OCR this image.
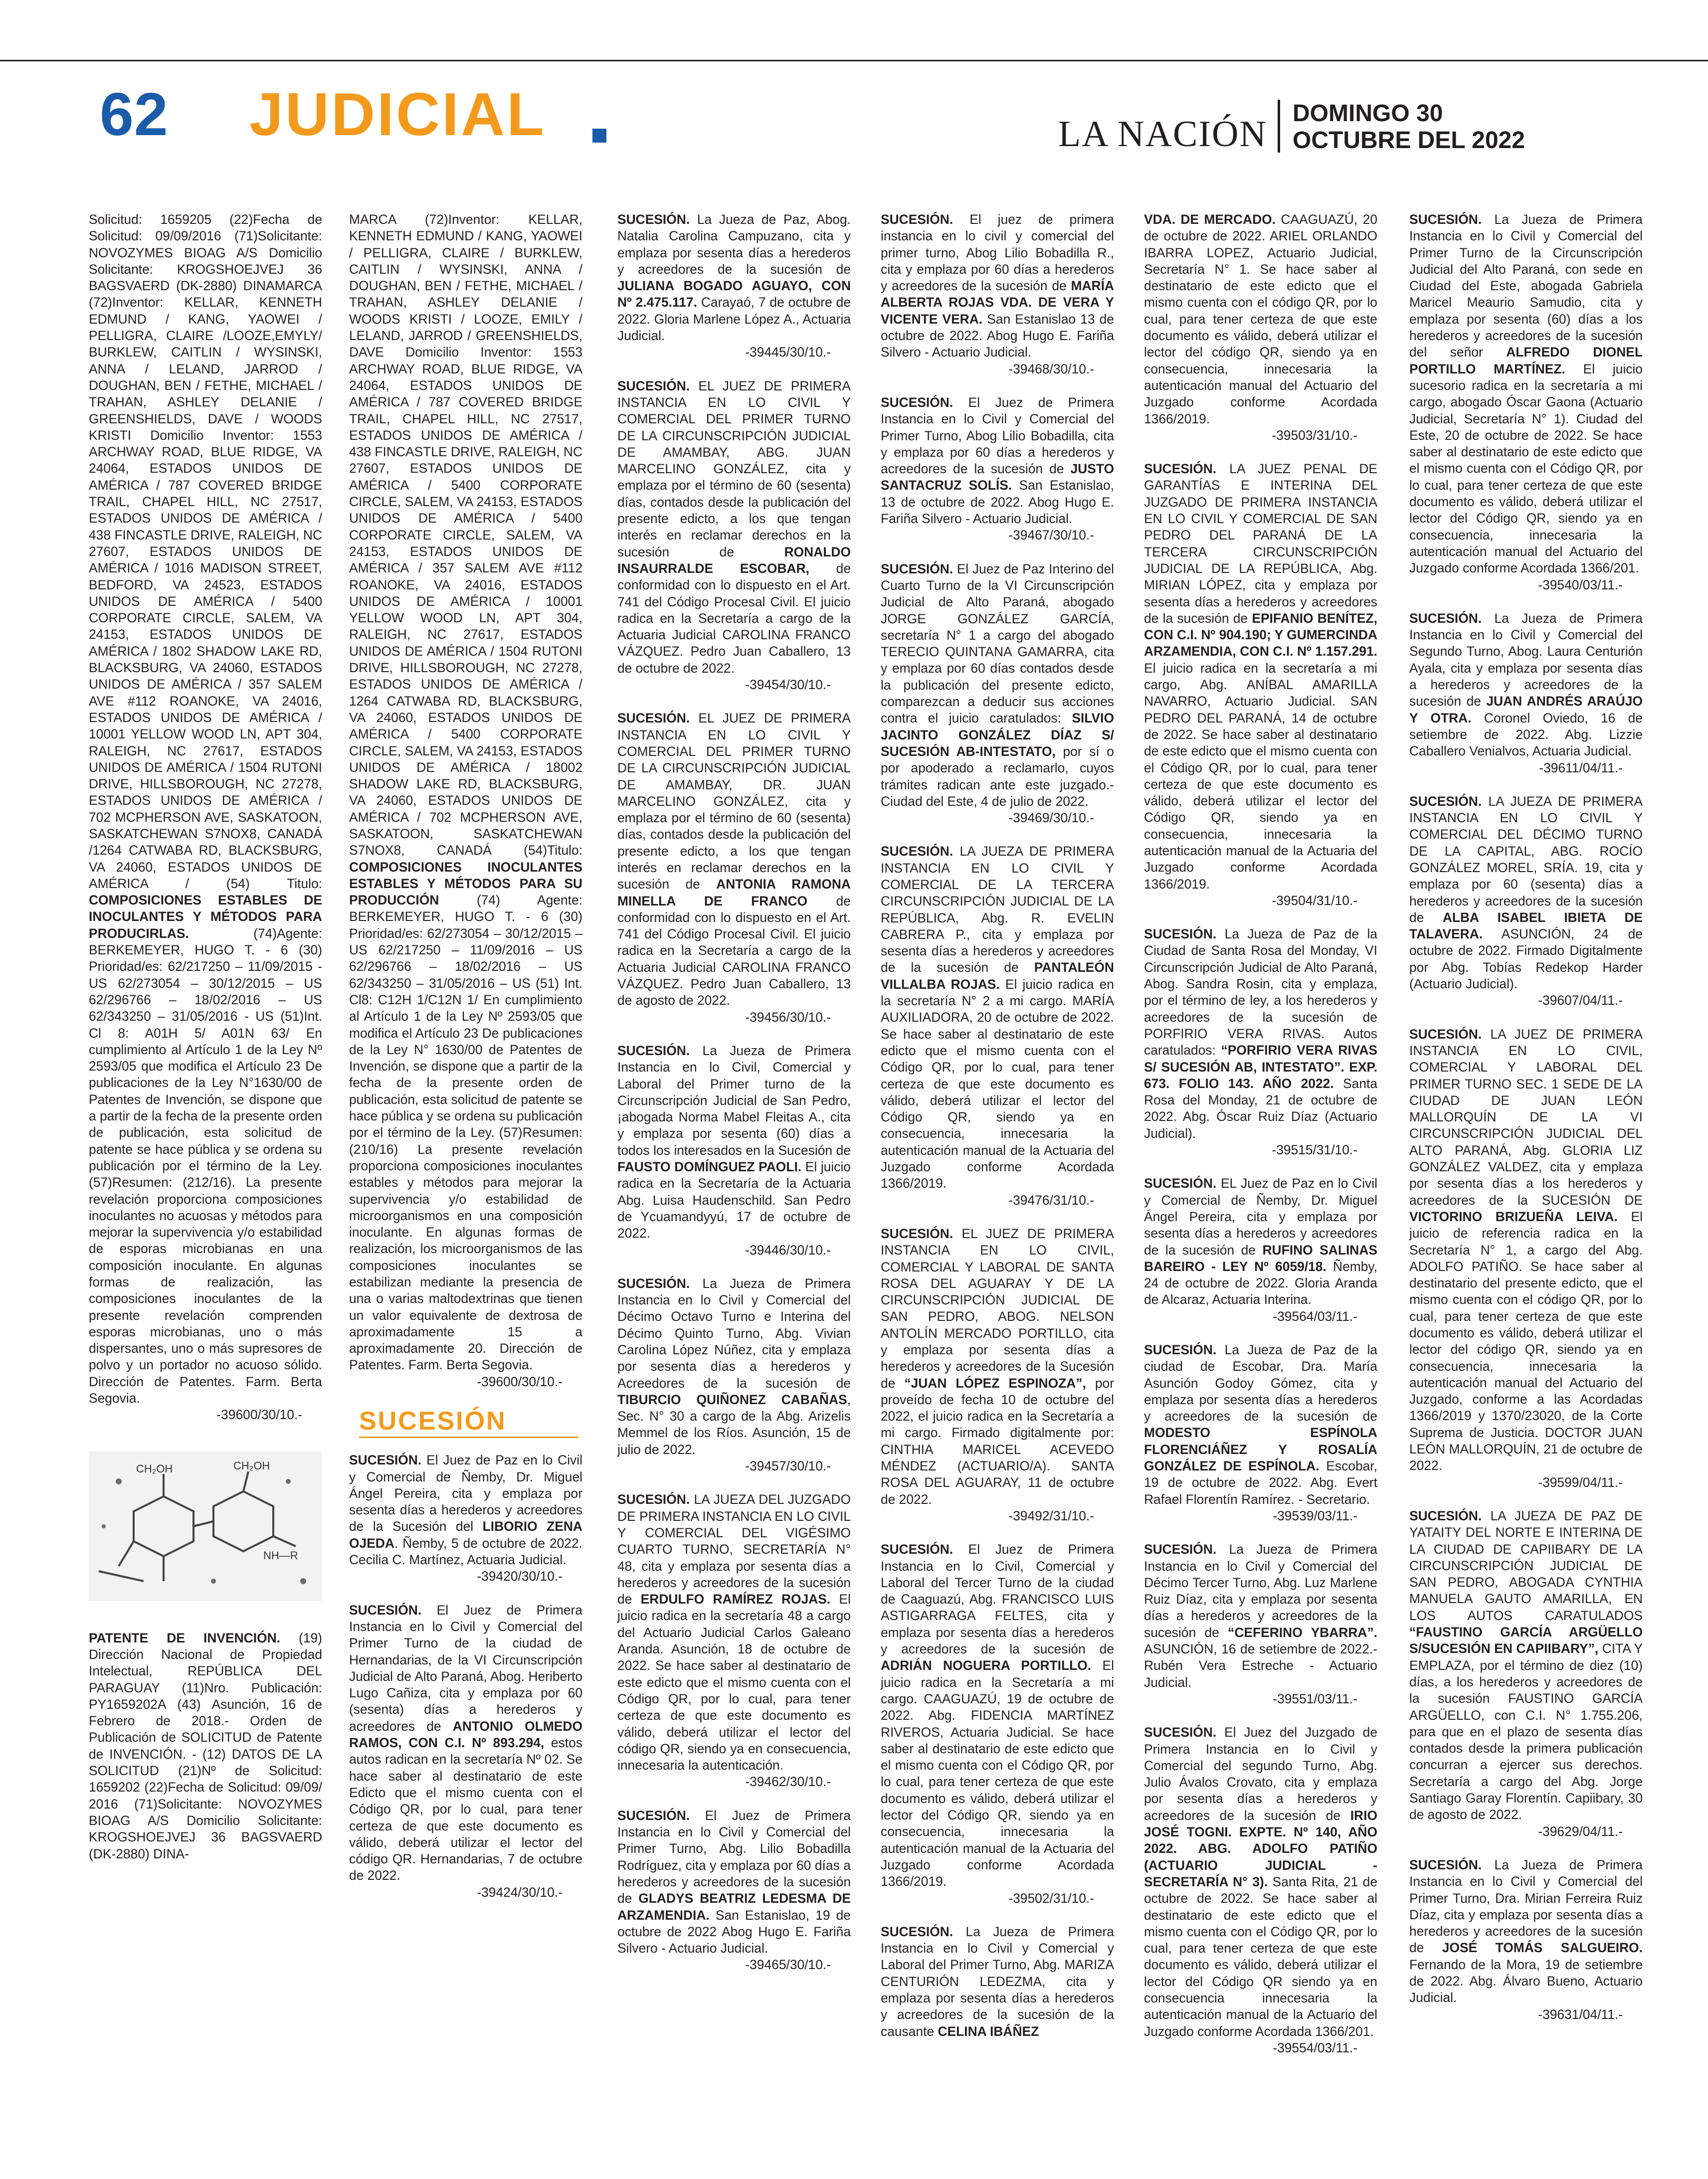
62 JUDICIAL	LA NACIÓN
DOMINGO 30
OCTUBRE DEL 2022

Solicitud: 1659205 (22)Fecha de Solicitud: 09/09/2016 (71)Solicitante: NOVOZYMES BIOAG A/S Domicilio Solicitante: KROGSHOEJVEJ 36 BAGSVAERD (DK-2880) DINAMARCA (72)Inventor: KELLAR, KENNETH EDMUND / KANG, YAOWEI / PELLIGRA, CLAIRE /LOOZE,EMYLY/ BURKLEW, CAITLIN / WYSINSKI, ANNA / LELAND, JARROD / DOUGHAN, BEN / FETHE, MICHAEL / TRAHAN, ASHLEY DELANIE / GREENSHIELDS, DAVE / WOODS KRISTI Domicilio Inventor: 1553 ARCHWAY ROAD, BLUE RIDGE, VA 24064, ESTADOS UNIDOS DE AMÉRICA / 787 COVERED BRIDGE TRAIL, CHAPEL HILL, NC 27517, ESTADOS UNIDOS DE AMÉRICA / 438 FINCASTLE DRIVE, RALEIGH, NC 27607, ESTADOS UNIDOS DE AMÉRICA / 1016 MADISON STREET, BEDFORD, VA 24523, ESTADOS UNIDOS DE AMÉRICA / 5400 CORPORATE CIRCLE, SALEM, VA 24153, ESTADOS UNIDOS DE AMÉRICA / 1802 SHADOW LAKE RD, BLACKSBURG, VA 24060, ESTADOS UNIDOS DE AMÉRICA / 357 SALEM AVE #112 ROANOKE, VA 24016, ESTADOS UNIDOS DE AMÉRICA / 10001 YELLOW WOOD LN, APT 304, RALEIGH, NC 27617, ESTADOS UNIDOS DE AMÉRICA / 1504 RUTONI DRIVE, HILLSBOROUGH, NC 27278, ESTADOS UNIDOS DE AMÉRICA / 702 MCPHERSON AVE, SASKATOON, SASKATCHEWAN S7NOX8, CANADÁ /1264 CATWABA RD, BLACKSBURG, VA 24060, ESTADOS UNIDOS DE AMÉRICA / (54) Titulo: COMPOSICIONES ESTABLES DE INOCULANTES Y MÉTODOS PARA PRODUCIRLAS.	(74)Agente: BERKEMEYER, HUGO T. - 6 (30) Prioridad/es: 62/217250 – 11/09/2015 - US 62/273054 – 30/12/2015 – US 62/296766 – 18/02/2016 – US 62/343250 – 31/05/2016 - US (51)Int. Cl 8: A01H 5/ A01N 63/ En cumplimiento al Artículo 1 de la Ley Nº 2593/05 que modifica el Artículo 23 De publicaciones de la Ley N°1630/00 de Patentes de Invención, se dispone que a partir de la fecha de la presente orden de publicación, esta solicitud de patente se hace pública y se ordena su publicación por el término de la Ley. (57)Resumen: (212/16). La presente revelación proporciona composiciones inoculantes no acuosas y métodos para mejorar la supervivencia y/o estabilidad de esporas microbianas en una composición inoculante. En algunas formas de realización, las composiciones inoculantes de la presente revelación comprenden esporas microbianas, uno o más dispersantes, uno o más supresores de polvo y un portador no acuoso sólido. Dirección de Patentes. Farm. Berta Segovia.
-39600/30/10.-

CH₂OH	CH₂OH
NH—R

PATENTE DE INVENCIÓN. (19) Dirección Nacional de Propiedad Intelectual, REPÚBLICA DEL PARAGUAY (11)Nro. Publicación: PY1659202A (43) Asunción, 16 de Febrero de 2018.- Orden de Publicación de SOLICITUD de Patente de INVENCIÓN. - (12) DATOS DE LA SOLICITUD (21)Nº de Solicitud: 1659202 (22)Fecha de Solicitud: 09/09/ 2016 (71)Solicitante: NOVOZYMES BIOAG A/S Domicilio Solicitante: KROGSHOEJVEJ 36 BAGSVAERD (DK-2880) DINA-

MARCA (72)Inventor: KELLAR, KENNETH EDMUND / KANG, YAOWEI / PELLIGRA, CLAIRE / BURKLEW, CAITLIN / WYSINSKI, ANNA / DOUGHAN, BEN / FETHE, MICHAEL / TRAHAN, ASHLEY DELANIE / WOODS KRISTI / LOOZE, EMILY / LELAND, JARROD / GREENSHIELDS, DAVE Domicilio Inventor: 1553 ARCHWAY ROAD, BLUE RIDGE, VA 24064, ESTADOS UNIDOS DE AMÉRICA / 787 COVERED BRIDGE TRAIL, CHAPEL HILL, NC 27517, ESTADOS UNIDOS DE AMÉRICA / 438 FINCASTLE DRIVE, RALEIGH, NC 27607, ESTADOS UNIDOS DE AMÉRICA / 5400 CORPORATE CIRCLE, SALEM, VA 24153, ESTADOS UNIDOS DE AMÉRICA / 5400 CORPORATE CIRCLE, SALEM, VA 24153, ESTADOS UNIDOS DE AMÉRICA / 357 SALEM AVE #112 ROANOKE, VA 24016, ESTADOS UNIDOS DE AMÉRICA / 10001 YELLOW WOOD LN, APT 304, RALEIGH, NC 27617, ESTADOS UNIDOS DE AMÉRICA / 1504 RUTONI DRIVE, HILLSBOROUGH, NC 27278, ESTADOS UNIDOS DE AMÉRICA / 1264 CATWABA RD, BLACKSBURG, VA 24060, ESTADOS UNIDOS DE AMÉRICA / 5400 CORPORATE CIRCLE, SALEM, VA 24153, ESTADOS UNIDOS DE AMÉRICA / 18002 SHADOW LAKE RD, BLACKSBURG, VA 24060, ESTADOS UNIDOS DE AMÉRICA / 702 MCPHERSON AVE, SASKATOON, SASKATCHEWAN S7NOX8, CANADÁ (54)Titulo: COMPOSICIONES INOCULANTES ESTABLES Y MÉTODOS PARA SU PRODUCCIÓN	(74) Agente: BERKEMEYER, HUGO T. - 6 (30) Prioridad/es: 62/273054 – 30/12/2015 – US 62/217250 – 11/09/2016 – US 62/296766 – 18/02/2016 – US 62/343250 – 31/05/2016 – US (51) Int. Cl8: C12H 1/C12N 1/ En cumplimiento al Artículo 1 de la Ley Nº 2593/05 que modifica el Artículo 23 De publicaciones de la Ley N° 1630/00 de Patentes de Invención, se dispone que a partir de la fecha de la presente orden de publicación, esta solicitud de patente se hace pública y se ordena su publicación por el término de la Ley. (57)Resumen: (210/16) La presente revelación proporciona composiciones inoculantes estables y métodos para mejorar la supervivencia y/o estabilidad de microorganismos en una composición inoculante. En algunas formas de realización, los microorganismos de las composiciones inoculantes se estabilizan mediante la presencia de una o varias maltodextrinas que tienen un valor equivalente de dextrosa de aproximadamente 15 a aproximadamente 20. Dirección de Patentes. Farm. Berta Segovia.
-39600/30/10.-

SUCESIÓN

SUCESIÓN. El Juez de Paz en lo Civil y Comercial de Ñemby, Dr. Miguel Ángel Pereira, cita y emplaza por sesenta días a herederos y acreedores de la Sucesión del LIBORIO ZENA OJEDA. Ñemby, 5 de octubre de 2022. Cecilia C. Martínez, Actuaria Judicial.
-39420/30/10.-

SUCESIÓN. El Juez de Primera Instancia en lo Civil y Comercial del Primer Turno de la ciudad de Hernandarias, de la VI Circunscripción Judicial de Alto Paraná, Abog. Heriberto Lugo Cañiza, cita y emplaza por 60 (sesenta) días a herederos y acreedores de ANTONIO OLMEDO RAMOS, CON C.I. Nº 893.294, estos autos radican en la secretaría Nº 02. Se hace saber al destinatario de este Edicto que el mismo cuenta con el Código QR, por lo cual, para tener certeza de que este documento es válido, deberá utilizar el lector del código QR. Hernandarias, 7 de octubre de 2022.
-39424/30/10.-

SUCESIÓN. La Jueza de Paz, Abog. Natalia Carolina Campuzano, cita y emplaza por sesenta días a herederos y acreedores de la sucesión de JULIANA BOGADO AGUAYO, CON Nº 2.475.117. Carayaó, 7 de octubre de 2022. Gloria Marlene López A., Actuaria Judicial.
-39445/30/10.-

SUCESIÓN. EL JUEZ DE PRIMERA INSTANCIA EN LO CIVIL Y COMERCIAL DEL PRIMER TURNO DE LA CIRCUNSCRIPCIÓN JUDICIAL DE AMAMBAY, ABG. JUAN MARCELINO GONZÁLEZ, cita y emplaza por el término de 60 (sesenta) días, contados desde la publicación del presente edicto, a los que tengan interés en reclamar derechos en la sucesión de	RONALDO INSAURRALDE ESCOBAR, de conformidad con lo dispuesto en el Art. 741 del Código Procesal Civil. El juicio radica en la Secretaría a cargo de la Actuaria Judicial CAROLINA FRANCO VÁZQUEZ. Pedro Juan Caballero, 13 de octubre de 2022.
-39454/30/10.-

SUCESIÓN. EL JUEZ DE PRIMERA INSTANCIA EN LO CIVIL Y COMERCIAL DEL PRIMER TURNO DE LA CIRCUNSCRIPCIÓN JUDICIAL DE AMAMBAY, DR. JUAN MARCELINO GONZÁLEZ, cita y emplaza por el término de 60 (sesenta) días, contados desde la publicación del presente edicto, a los que tengan interés en reclamar derechos en la sucesión de ANTONIA RAMONA MINELLA DE FRANCO de conformidad con lo dispuesto en el Art. 741 del Código Procesal Civil. El juicio radica en la Secretaría a cargo de la Actuaria Judicial CAROLINA FRANCO VÁZQUEZ. Pedro Juan Caballero, 13 de agosto de 2022.
-39456/30/10.-

SUCESIÓN. La Jueza de Primera Instancia en lo Civil, Comercial y Laboral del Primer turno de la Circunscripción Judicial de San Pedro, ¡abogada Norma Mabel Fleitas A., cita y emplaza por sesenta (60) días a todos los interesados en la Sucesión de FAUSTO DOMÍNGUEZ PAOLI. El juicio radica en la Secretaría de la Actuaria Abg. Luisa Haudenschild. San Pedro de Ycuamandyyú, 17 de octubre de 2022.
-39446/30/10.-

SUCESIÓN. La Jueza de Primera Instancia en lo Civil y Comercial del Décimo Octavo Turno e Interina del Décimo Quinto Turno, Abg. Vivian Carolina López Núñez, cita y emplaza por sesenta días a herederos y Acreedores de la sucesión de TIBURCIO QUIÑONEZ CABAÑAS, Sec. N° 30 a cargo de la Abg. Arizelis Memmel de los Ríos. Asunción, 15 de julio de 2022.
-39457/30/10.-

SUCESIÓN. LA JUEZA DEL JUZGADO DE PRIMERA INSTANCIA EN LO CIVIL Y COMERCIAL DEL VIGÉSIMO CUARTO TURNO, SECRETARÍA N° 48, cita y emplaza por sesenta días a herederos y acreedores de la sucesión de ERDULFO RAMÍREZ ROJAS. El juicio radica en la secretaría 48 a cargo del Actuario Judicial Carlos Galeano Aranda. Asunción, 18 de octubre de 2022. Se hace saber al destinatario de este edicto que el mismo cuenta con el Código QR, por lo cual, para tener certeza de que este documento es válido, deberá utilizar el lector del código QR, siendo ya en consecuencia, innecesaria la autenticación.
-39462/30/10.-

SUCESIÓN. El Juez de Primera Instancia en lo Civil y Comercial del Primer Turno, Abg. Lilio Bobadilla Rodríguez, cita y emplaza por 60 días a herederos y acreedores de la sucesión de GLADYS BEATRIZ LEDESMA DE ARZAMENDIA. San Estanislao, 19 de octubre de 2022 Abog Hugo E. Fariña Silvero - Actuario Judicial.
-39465/30/10.-

SUCESIÓN. El juez de primera instancia en lo civil y comercial del primer turno, Abog Lilio Bobadilla R., cita y emplaza por 60 días a herederos y acreedores de la sucesión de MARÍA ALBERTA ROJAS VDA. DE VERA Y VICENTE VERA. San Estanislao 13 de octubre de 2022. Abog Hugo E. Fariña Silvero - Actuario Judicial.
-39468/30/10.-

SUCESIÓN. El Juez de Primera Instancia en lo Civil y Comercial del Primer Turno, Abog Lilio Bobadilla, cita y emplaza por 60 días a herederos y acreedores de la sucesión de JUSTO SANTACRUZ SOLÍS. San Estanislao, 13 de octubre de 2022. Abog Hugo E. Fariña Silvero - Actuario Judicial.
-39467/30/10.-

SUCESIÓN. El Juez de Paz Interino del Cuarto Turno de la VI Circunscripción Judicial de Alto Paraná, abogado JORGE GONZÁLEZ GARCÍA, secretaría N° 1 a cargo del abogado TERECIO QUINTANA GAMARRA, cita y emplaza por 60 días contados desde la publicación del presente edicto, comparezcan a deducir sus acciones contra el juicio caratulados: SILVIO JACINTO GONZÁLEZ DÍAZ S/ SUCESIÓN AB-INTESTATO, por sí o por apoderado a reclamarlo, cuyos trámites radican ante este juzgado.- Ciudad del Este, 4 de julio de 2022.
-39469/30/10.-

SUCESIÓN. LA JUEZA DE PRIMERA INSTANCIA EN LO CIVIL Y COMERCIAL DE LA TERCERA CIRCUNSCRIPCIÓN JUDICIAL DE LA REPÚBLICA, Abg. R. EVELIN CABRERA P., cita y emplaza por sesenta días a herederos y acreedores de la sucesión de PANTALEÓN VILLALBA ROJAS. El juicio radica en la secretaría N° 2 a mi cargo. MARÍA AUXILIADORA, 20 de octubre de 2022. Se hace saber al destinatario de este edicto que el mismo cuenta con el Código QR, por lo cual, para tener certeza de que este documento es válido, deberá utilizar el lector del Código QR, siendo ya en consecuencia, innecesaria la autenticación manual de la Actuaria del Juzgado conforme Acordada 1366/2019.
-39476/31/10.-

SUCESIÓN. EL JUEZ DE PRIMERA INSTANCIA EN LO CIVIL, COMERCIAL Y LABORAL DE SANTA ROSA DEL AGUARAY Y DE LA CIRCUNSCRIPCIÓN JUDICIAL DE SAN PEDRO, ABOG. NELSON ANTOLÍN MERCADO PORTILLO, cita y emplaza por sesenta días a herederos y acreedores de la Sucesión de “JUAN LÓPEZ ESPINOZA”, por proveído de fecha 10 de octubre del 2022, el juicio radica en la Secretaría a mi cargo. Firmado digitalmente por: CINTHIA MARICEL ACEVEDO MÉNDEZ (ACTUARIO/A). SANTA ROSA DEL AGUARAY, 11 de octubre de 2022.
-39492/31/10.-

SUCESIÓN. El Juez de Primera Instancia en lo Civil, Comercial y Laboral del Tercer Turno de la ciudad de Caaguazú, Abg. FRANCISCO LUIS ASTIGARRAGA FELTES, cita y emplaza por sesenta días a herederos y acreedores de la sucesión de ADRIÁN NOGUERA PORTILLO. El juicio radica en la Secretaría a mi cargo. CAAGUAZÚ, 19 de octubre de 2022. Abg. FIDENCIA MARTÍNEZ RIVEROS, Actuaria Judicial. Se hace saber al destinatario de este edicto que el mismo cuenta con el Código QR, por lo cual, para tener certeza de que este documento es válido, deberá utilizar el lector del Código QR, siendo ya en consecuencia, innecesaria la autenticación manual de la Actuaria del Juzgado conforme Acordada 1366/2019.
-39502/31/10.-

SUCESIÓN. La Jueza de Primera Instancia en lo Civil y Comercial y Laboral del Primer Turno, Abg. MARIZA CENTURIÓN LEDEZMA, cita y emplaza por sesenta días a herederos y acreedores de la sucesión de la causante CELINA IBÁÑEZ

VDA. DE MERCADO. CAAGUAZÚ, 20 de octubre de 2022. ARIEL ORLANDO IBARRA LOPEZ, Actuario Judicial, Secretaría N° 1. Se hace saber al destinatario de este edicto que el mismo cuenta con el código QR, por lo cual, para tener certeza de que este documento es válido, deberá utilizar el lector del código QR, siendo ya en consecuencia, innecesaria la autenticación manual del Actuario del Juzgado conforme Acordada 1366/2019.
-39503/31/10.-

SUCESIÓN. LA JUEZ PENAL DE GARANTÍAS E INTERINA DEL JUZGADO DE PRIMERA INSTANCIA EN LO CIVIL Y COMERCIAL DE SAN PEDRO DEL PARANÁ DE LA TERCERA CIRCUNSCRIPCIÓN JUDICIAL DE LA REPÚBLICA, Abg. MIRIAN LÓPEZ, cita y emplaza por sesenta días a herederos y acreedores de la sucesión de EPIFANIO BENÍTEZ, CON C.I. Nº 904.190; Y GUMERCINDA ARZAMENDIA, CON C.I. Nº 1.157.291. El juicio radica en la secretaría a mi cargo, Abg. ANÍBAL AMARILLA NAVARRO, Actuario Judicial. SAN PEDRO DEL PARANÁ, 14 de octubre de 2022. Se hace saber al destinatario de este edicto que el mismo cuenta con el Código QR, por lo cual, para tener certeza de que este documento es válido, deberá utilizar el lector del Código QR, siendo ya en consecuencia, innecesaria la autenticación manual de la Actuaria del Juzgado conforme Acordada 1366/2019.
-39504/31/10.-

SUCESIÓN. La Jueza de Paz de la Ciudad de Santa Rosa del Monday, VI Circunscripción Judicial de Alto Paraná, Abog. Sandra Rosin, cita y emplaza, por el término de ley, a los herederos y acreedores de la sucesión de PORFIRIO VERA RIVAS. Autos caratulados: “PORFIRIO VERA RIVAS S/ SUCESIÓN AB, INTESTATO”. EXP. 673. FOLIO 143. AÑO 2022. Santa Rosa del Monday, 21 de octubre de 2022. Abg. Óscar Ruiz Díaz (Actuario Judicial).
-39515/31/10.-

SUCESIÓN. EL Juez de Paz en lo Civil y Comercial de Ñemby, Dr. Miguel Ángel Pereira, cita y emplaza por sesenta días a herederos y acreedores de la sucesión de RUFINO SALINAS BAREIRO - LEY Nº 6059/18. Ñemby, 24 de octubre de 2022. Gloria Aranda de Alcaraz, Actuaria Interina.
-39564/03/11.-

SUCESIÓN. La Jueza de Paz de la ciudad de Escobar, Dra. María Asunción Godoy Gómez, cita y emplaza por sesenta días a herederos y acreedores de la sucesión de MODESTO ESPÍNOLA FLORENCIÁÑEZ Y ROSALÍA GONZÁLEZ DE ESPÍNOLA. Escobar, 19 de octubre de 2022. Abg. Evert Rafael Florentín Ramírez. - Secretario.
-39539/03/11.-

SUCESIÓN. La Jueza de Primera Instancia en lo Civil y Comercial del Décimo Tercer Turno, Abg. Luz Marlene Ruiz Díaz, cita y emplaza por sesenta días a herederos y acreedores de la sucesión de “CEFERINO YBARRA”. ASUNCIÓN, 16 de setiembre de 2022.- Rubén Vera Estreche - Actuario Judicial.
-39551/03/11.-

SUCESIÓN. El Juez del Juzgado de Primera Instancia en lo Civil y Comercial del segundo Turno, Abg. Julio Ávalos Crovato, cita y emplaza por sesenta días a herederos y acreedores de la sucesión de IRIO JOSÉ TOGNI. EXPTE. Nº 140, AÑO 2022. ABG. ADOLFO PATIÑO (ACTUARIO JUDICIAL - SECRETARÍA N° 3). Santa Rita, 21 de octubre de 2022. Se hace saber al destinatario de este edicto que el mismo cuenta con el Código QR, por lo cual, para tener certeza de que este documento es válido, deberá utilizar el lector del Código QR siendo ya en consecuencia innecesaria la autenticación manual de la Actuario del Juzgado conforme Acordada 1366/201.
-39554/03/11.-

SUCESIÓN. La Jueza de Primera Instancia en lo Civil y Comercial del Primer Turno de la Circunscripción Judicial del Alto Paraná, con sede en Ciudad del Este, abogada Gabriela Maricel Meaurio Samudio, cita y emplaza por sesenta (60) días a los herederos y acreedores de la sucesión del señor ALFREDO DIONEL PORTILLO MARTÍNEZ. El juicio sucesorio radica en la secretaría a mi cargo, abogado Óscar Gaona (Actuario Judicial, Secretaría N° 1). Ciudad del Este, 20 de octubre de 2022. Se hace saber al destinatario de este edicto que el mismo cuenta con el Código QR, por lo cual, para tener certeza de que este documento es válido, deberá utilizar el lector del Código QR, siendo ya en consecuencia, innecesaria la autenticación manual del Actuario del Juzgado conforme Acordada 1366/201.
-39540/03/11.-

SUCESIÓN. La Jueza de Primera Instancia en lo Civil y Comercial del Segundo Turno, Abog. Laura Centurión Ayala, cita y emplaza por sesenta días a herederos y acreedores de la sucesión de JUAN ANDRÉS ARAÚJO Y OTRA. Coronel Oviedo, 16 de setiembre de 2022. Abg. Lizzie Caballero Venialvos, Actuaria Judicial.
-39611/04/11.-

SUCESIÓN. LA JUEZA DE PRIMERA INSTANCIA EN LO CIVIL Y COMERCIAL DEL DÉCIMO TURNO DE LA CAPITAL, ABG. ROCÍO GONZÁLEZ MOREL, SRÍA. 19, cita y emplaza por 60 (sesenta) días a herederos y acreedores de la sucesión de ALBA ISABEL IBIETA DE TALAVERA. ASUNCIÓN, 24 de octubre de 2022. Firmado Digitalmente por Abg. Tobías Redekop Harder (Actuario Judicial).
-39607/04/11.-

SUCESIÓN. LA JUEZ DE PRIMERA INSTANCIA EN LO CIVIL, COMERCIAL Y LABORAL DEL PRIMER TURNO SEC. 1 SEDE DE LA CIUDAD DE JUAN LEÓN MALLORQUÍN DE LA VI CIRCUNSCRIPCIÓN JUDICIAL DEL ALTO PARANÁ, Abg. GLORIA LIZ GONZÁLEZ VALDEZ, cita y emplaza por sesenta días a los herederos y acreedores de la SUCESIÓN DE VICTORINO BRIZUEÑA LEIVA. El juicio de referencia radica en la Secretaría N° 1, a cargo del Abg. ADOLFO PATIÑO. Se hace saber al destinatario del presente edicto, que el mismo cuenta con el código QR, por lo cual, para tener certeza de que este documento es válido, deberá utilizar el lector del código QR, siendo ya en consecuencia, innecesaria la autenticación manual del Actuario del Juzgado, conforme a las Acordadas 1366/2019 y 1370/23020, de la Corte Suprema de Justicia. DOCTOR JUAN LEÓN MALLORQUÍN, 21 de octubre de 2022.
-39599/04/11.-

SUCESIÓN. LA JUEZA DE PAZ DE YATAITY DEL NORTE E INTERINA DE LA CIUDAD DE CAPIIBARY DE LA CIRCUNSCRIPCIÓN JUDICIAL DE SAN PEDRO, ABOGADA CYNTHIA MANUELA GAUTO AMARILLA, EN LOS AUTOS CARATULADOS “FAUSTINO GARCÍA ARGÜELLO S/SUCESIÓN EN CAPIIBARY”, CITA Y EMPLAZA, por el término de diez (10) días, a los herederos y acreedores de la sucesión FAUSTINO GARCÍA ARGÜELLO, con C.I. N° 1.755.206, para que en el plazo de sesenta días contados desde la primera publicación concurran a ejercer sus derechos. Secretaría a cargo del Abg. Jorge Santiago Garay Florentín. Capiibary, 30 de agosto de 2022.
-39629/04/11.-

SUCESIÓN. La Jueza de Primera Instancia en lo Civil y Comercial del Primer Turno, Dra. Mirian Ferreira Ruiz Díaz, cita y emplaza por sesenta días a herederos y acreedores de la sucesión de JOSÉ TOMÁS SALGUEIRO. Fernando de la Mora, 19 de setiembre de 2022. Abg. Álvaro Bueno, Actuario Judicial.
-39631/04/11.-
